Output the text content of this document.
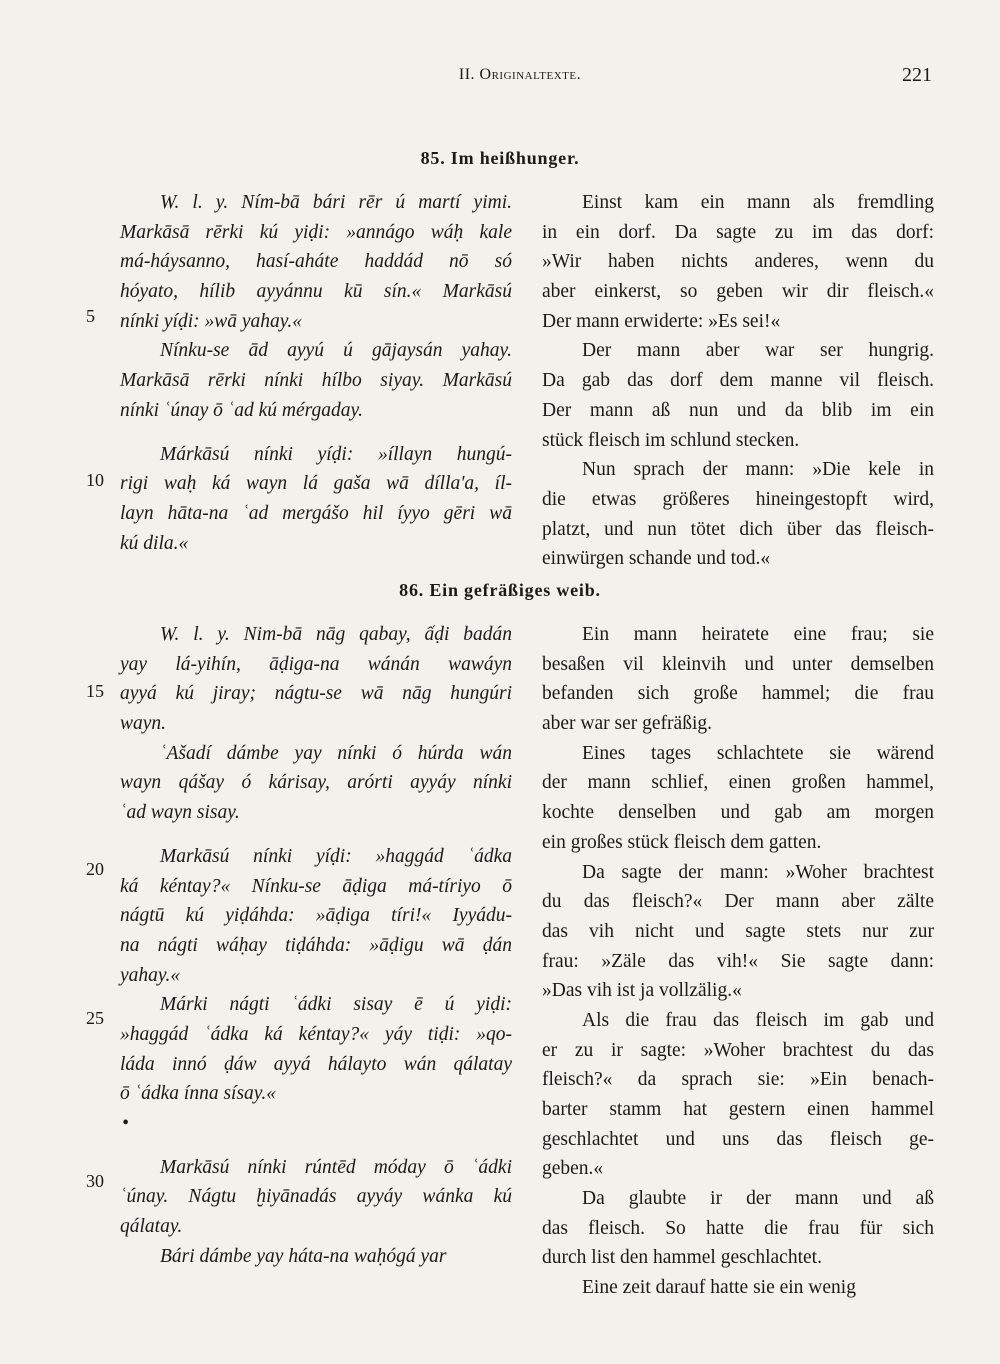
II. Originaltexte.	221
85. Im heißhunger.
W. l. y. Ním-bā bári rēr ú martí yimi.
Markāsā rērki kú yiḍi: »annágo wáḥ kale
má-háysanno, hasí-aháte haddád nō só
hóyato, hílib ayyánnu kū sín.« Markāsú
nínki yíḍi: »wā yahay.«
Nínku-se ād ayyú ú gājaysán yahay.
Markāsā rērki nínki hílbo siyay. Markāsú
nínki ʿúnay ō ʿad kú mérgaday.
Márkāsú nínki yíḍi: »íllayn hungú-
rigi waḥ ká wayn lá gaša wā dílla'a, íl-
layn hāta-na ʿad mergášo hil íyyo gēri wā
kú dila.«
Einst kam ein mann als fremdling
in ein dorf. Da sagte zu im das dorf:
»Wir haben nichts anderes, wenn du
aber einkerst, so geben wir dir fleisch.«
Der mann erwiderte: »Es sei!«
Der mann aber war ser hungrig.
Da gab das dorf dem manne vil fleisch.
Der mann aß nun und da blib im ein
stück fleisch im schlund stecken.
Nun sprach der mann: »Die kele in
die etwas größeres hineingestopft wird,
platzt, und nun tötet dich über das fleisch-
einwürgen schande und tod.«
86. Ein gefräßiges weib.
W. l. y. Nim-bā nāg qabay, ấḍi badán
yay lá-yihín, āḍiga-na wánán wawáyn
ayyá kú jiray; nágtu-se wā nāg hungúri
wayn.
ʿAšadí dámbe yay nínki ó húrda wán
wayn qášay ó kárisay, arórti ayyáy nínki
ʿad wayn sisay.
Markāsú nínki yíḍi: »haggád ʿádka
ká kéntay?« Nínku-se āḍiga má-tíriyo ō
nágtū kú yiḍáhda: »āḍiga tíri!« Iyyádu-
na nágti wáḥay tiḍáhda: »āḍigu wā ḍán
yahay.«
Márki nágti ʿádki sisay ē ú yiḍi:
»haggád ʿádka ká kéntay?« yáy tiḍi: »qo-
láda innó ḍáw ayyá hálayto wán qálatay
ō ʿádka ínna sísay.«
•
Markāsú nínki rúntēd móday ō ʿádki
ʿúnay. Nágtu ḫiyānadás ayyáy wánka kú
qálatay.
Bári dámbe yay háta-na waḥógá yar
Ein mann heiratete eine frau; sie
besaßen vil kleinvih und unter demselben
befanden sich große hammel; die frau
aber war ser gefräßig.
Eines tages schlachtete sie wärend
der mann schlief, einen großen hammel,
kochte denselben und gab am morgen
ein großes stück fleisch dem gatten.
Da sagte der mann: »Woher brachtest
du das fleisch?« Der mann aber zälte
das vih nicht und sagte stets nur zur
frau: »Zäle das vih!« Sie sagte dann:
»Das vih ist ja vollzälig.«
Als die frau das fleisch im gab und
er zu ir sagte: »Woher brachtest du das
fleisch?« da sprach sie: »Ein benach-
barter stamm hat gestern einen hammel
geschlachtet und uns das fleisch ge-
geben.«
Da glaubte ir der mann und aß
das fleisch. So hatte die frau für sich
durch list den hammel geschlachtet.
Eine zeit darauf hatte sie ein wenig
5
10
15
20
25
30
